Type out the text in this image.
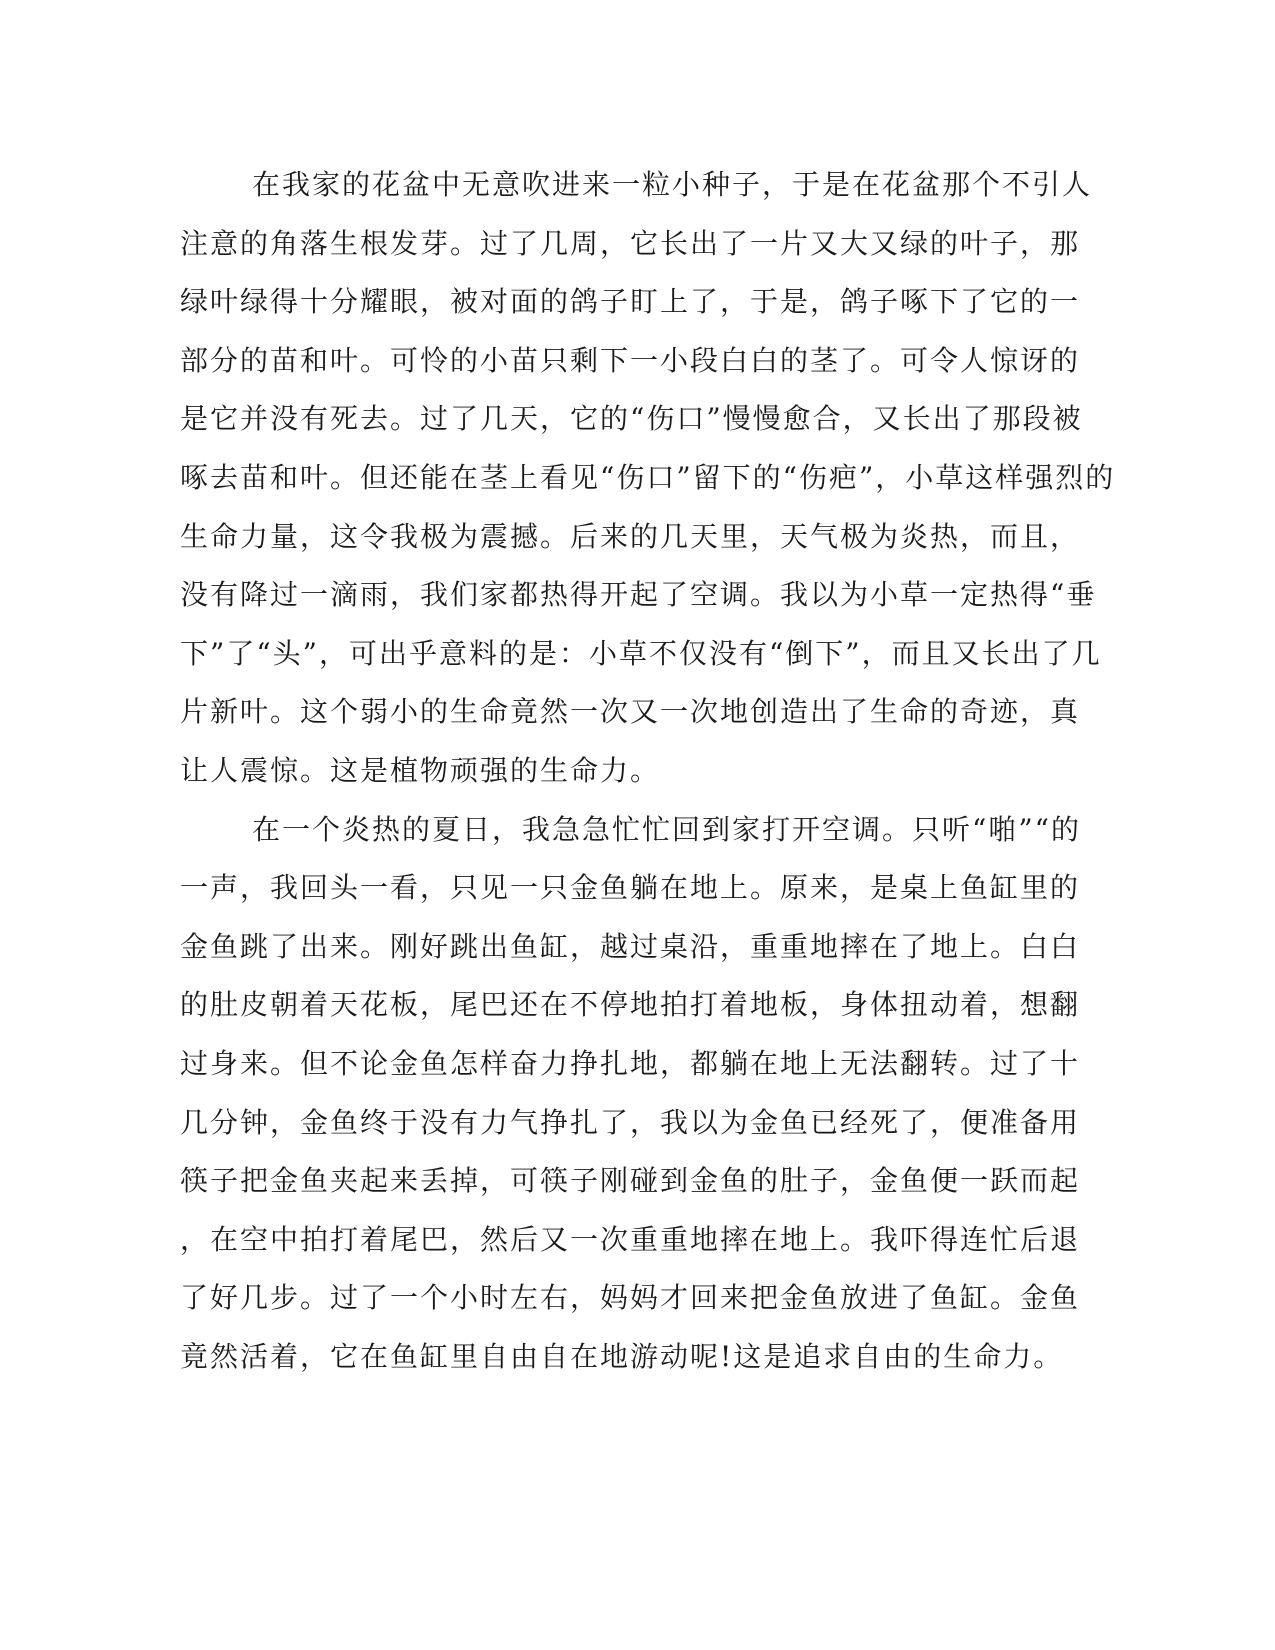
在我家的花盆中无意吹进来一粒小种子，于是在花盆那个不引人
注意的角落生根发芽。过了几周，它长出了一片又大又绿的叶子，那
绿叶绿得十分耀眼，被对面的鸽子盯上了，于是，鸽子啄下了它的一
部分的苗和叶。可怜的小苗只剩下一小段白白的茎了。可令人惊讶的
是它并没有死去。过了几天，它的“伤口”慢慢愈合，又长出了那段被
啄去苗和叶。但还能在茎上看见“伤口”留下的“伤疤”，小草这样强烈的
生命力量，这令我极为震撼。后来的几天里，天气极为炎热，而且，
没有降过一滴雨，我们家都热得开起了空调。我以为小草一定热得“垂
下”了“头”，可出乎意料的是：小草不仅没有“倒下”，而且又长出了几
片新叶。这个弱小的生命竟然一次又一次地创造出了生命的奇迹，真
让人震惊。这是植物顽强的生命力。
在一个炎热的夏日，我急急忙忙回到家打开空调。只听“啪”“的
一声，我回头一看，只见一只金鱼躺在地上。原来，是桌上鱼缸里的
金鱼跳了出来。刚好跳出鱼缸，越过桌沿，重重地摔在了地上。白白
的肚皮朝着天花板，尾巴还在不停地拍打着地板，身体扭动着，想翻
过身来。但不论金鱼怎样奋力挣扎地，都躺在地上无法翻转。过了十
几分钟，金鱼终于没有力气挣扎了，我以为金鱼已经死了，便准备用
筷子把金鱼夹起来丢掉，可筷子刚碰到金鱼的肚子，金鱼便一跃而起
，在空中拍打着尾巴，然后又一次重重地摔在地上。我吓得连忙后退
了好几步。过了一个小时左右，妈妈才回来把金鱼放进了鱼缸。金鱼
竟然活着，它在鱼缸里自由自在地游动呢!这是追求自由的生命力。
